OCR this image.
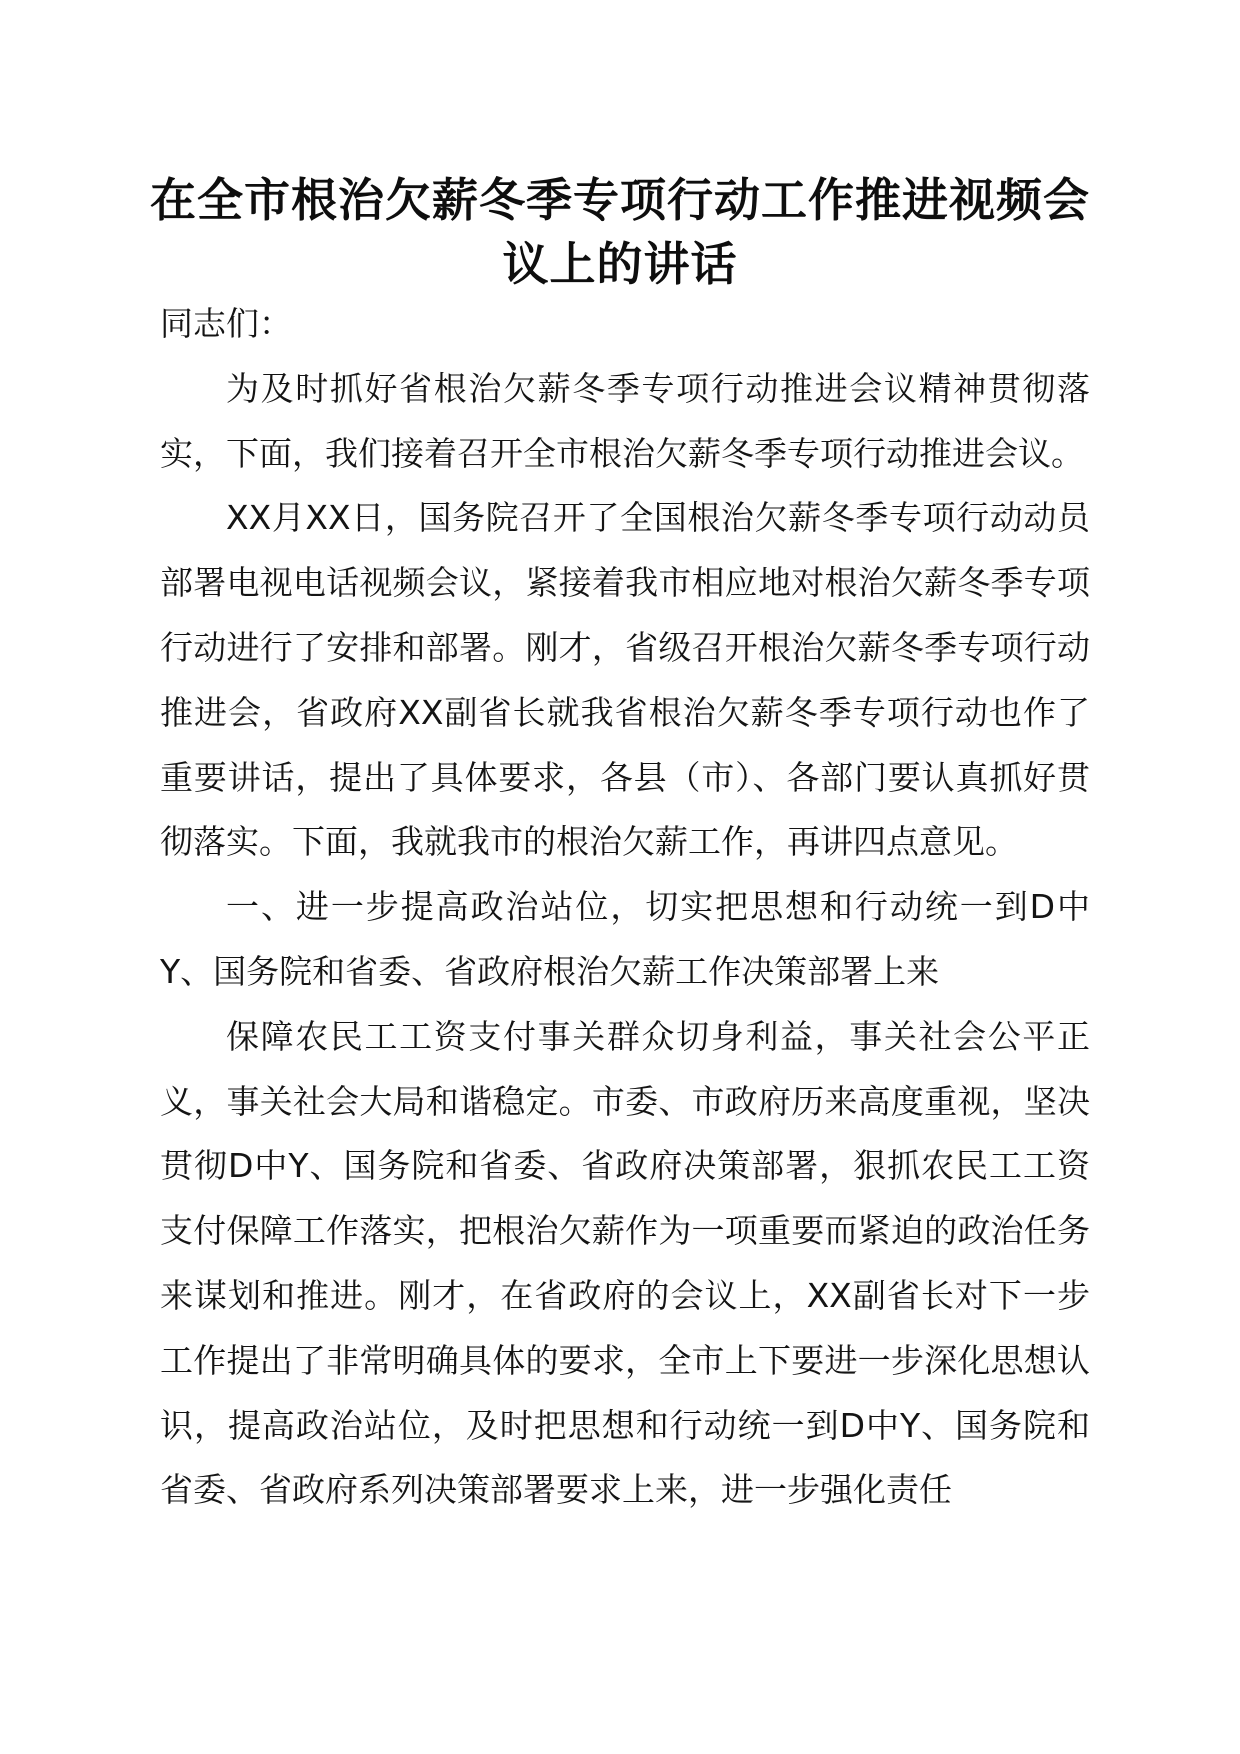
在全市根治欠薪冬季专项行动工作推进视频会议上的讲话

同志们：

为及时抓好省根治欠薪冬季专项行动推进会议精神贯彻落实，下面，我们接着召开全市根治欠薪冬季专项行动推进会议。

XX月XX日，国务院召开了全国根治欠薪冬季专项行动动员部署电视电话视频会议，紧接着我市相应地对根治欠薪冬季专项行动进行了安排和部署。刚才，省级召开根治欠薪冬季专项行动推进会，省政府XX副省长就我省根治欠薪冬季专项行动也作了重要讲话，提出了具体要求，各县（市）、各部门要认真抓好贯彻落实。下面，我就我市的根治欠薪工作，再讲四点意见。

一、进一步提高政治站位，切实把思想和行动统一到D中Y、国务院和省委、省政府根治欠薪工作决策部署上来

保障农民工工资支付事关群众切身利益，事关社会公平正义，事关社会大局和谐稳定。市委、市政府历来高度重视，坚决贯彻D中Y、国务院和省委、省政府决策部署，狠抓农民工工资支付保障工作落实，把根治欠薪作为一项重要而紧迫的政治任务来谋划和推进。刚才，在省政府的会议上，XX副省长对下一步工作提出了非常明确具体的要求，全市上下要进一步深化思想认识，提高政治站位，及时把思想和行动统一到D中Y、国务院和省委、省政府系列决策部署要求上来，进一步强化责任
